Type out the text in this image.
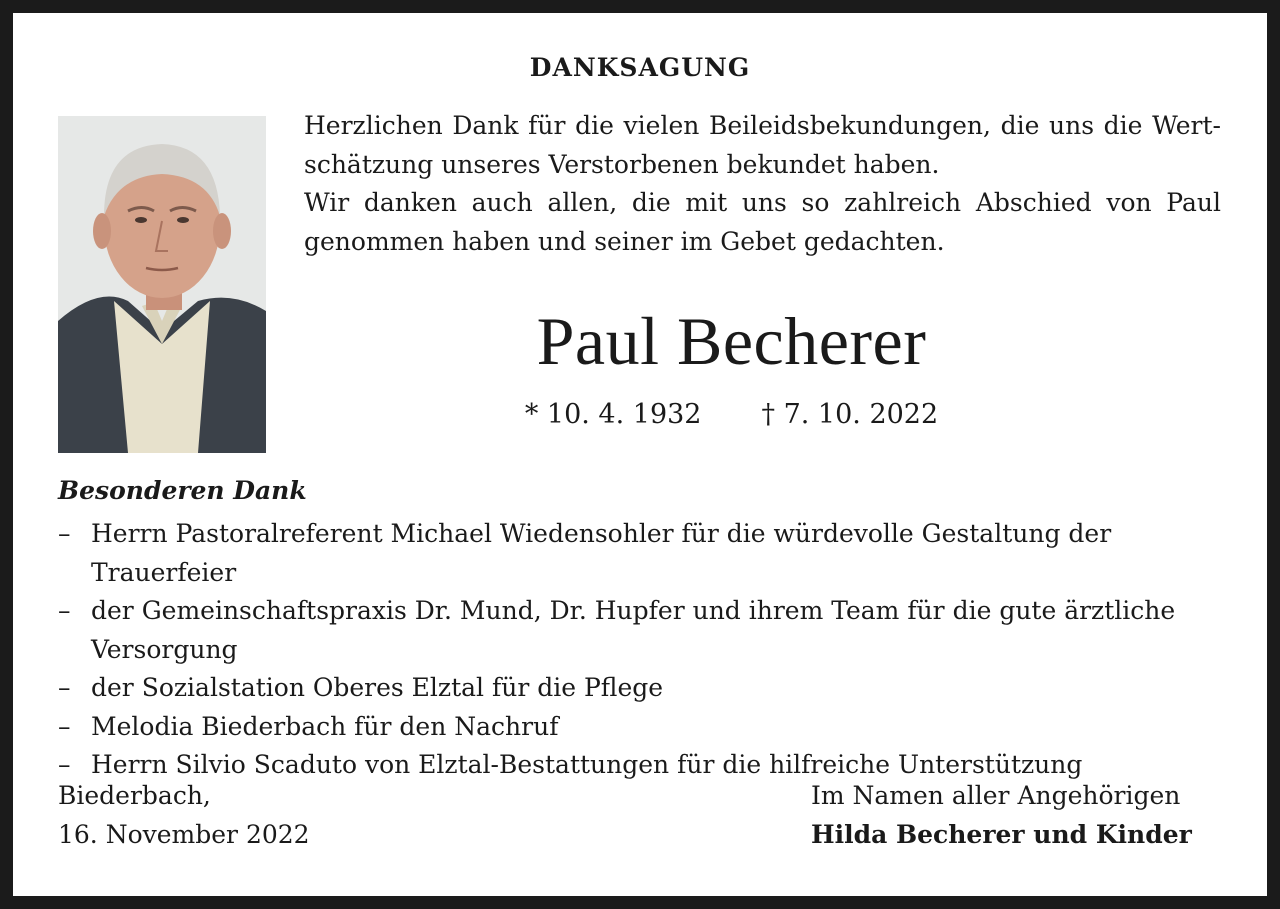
DANKSAGUNG

Herzlichen Dank für die vielen Beileidsbekundungen, die uns die Wert-

schätzung unseres Verstorbenen bekundet haben.

Wir danken auch allen, die mit uns so zahlreich Abschied von Paul

genommen haben und seiner im Gebet gedachten.

Paul Becherer
* 10. 4. 1932 † 7. 10. 2022
Besonderen Dank
– Herrn Pastoralreferent Michael Wiedensohler für die würdevolle Gestaltung der Trauerfeier
– der Gemeinschaftspraxis Dr. Mund, Dr. Hupfer und ihrem Team für die gute ärztliche Versorgung
– der Sozialstation Oberes Elztal für die Pflege
– Melodia Biederbach für den Nachruf
– Herrn Silvio Scaduto von Elztal-Bestattungen für die hilfreiche Unterstützung
Biederbach,
16. November 2022
Im Namen aller Angehörigen
Hilda Becherer und Kinder
